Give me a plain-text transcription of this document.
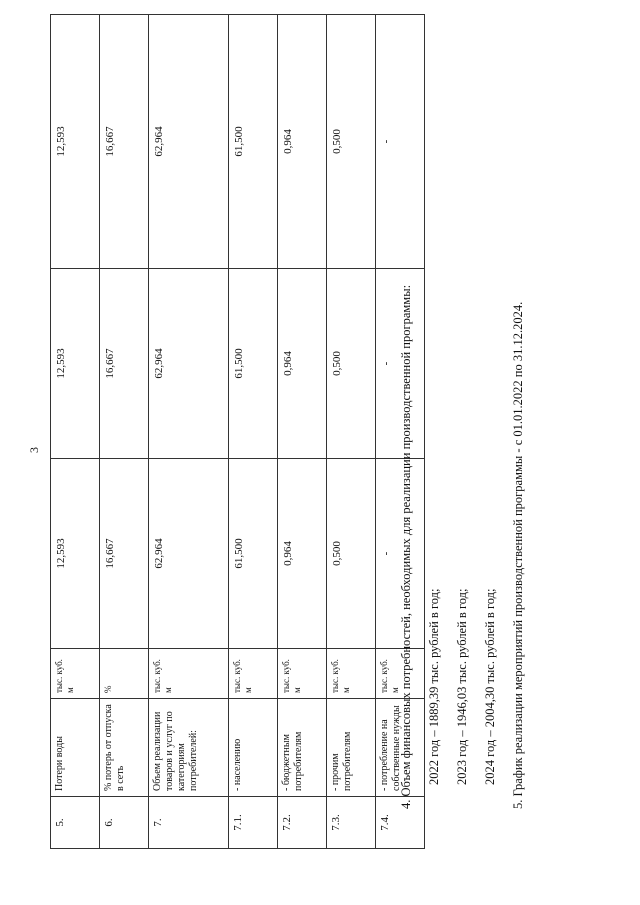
3
5.	Потери воды	тыс. куб. м	12,593	12,593	12,593
6.	% потерь от отпуска в сеть	%	16,667	16,667	16,667
7.	Объем реализации товаров и услуг по категориям потребителей:	тыс. куб. м	62,964	62,964	62,964
7.1.	- населению	тыс. куб. м	61,500	61,500	61,500
7.2.	- бюджетным потребителям	тыс. куб. м	0,964	0,964	0,964
7.3.	- прочим потребителям	тыс. куб. м	0,500	0,500	0,500
7.4.	- потребление на собственные нужды	тыс. куб. м	-	-	-

4. Объем финансовых потребностей, необходимых для реализации производственной программы:	2022 год – 1889,39 тыс. рублей в год;	2023 год – 1946,03 тыс. рублей в год;	2024 год – 2004,30 тыс. рублей в год;	5. График реализации мероприятий производственной программы - с 01.01.2022 по 31.12.2024.
